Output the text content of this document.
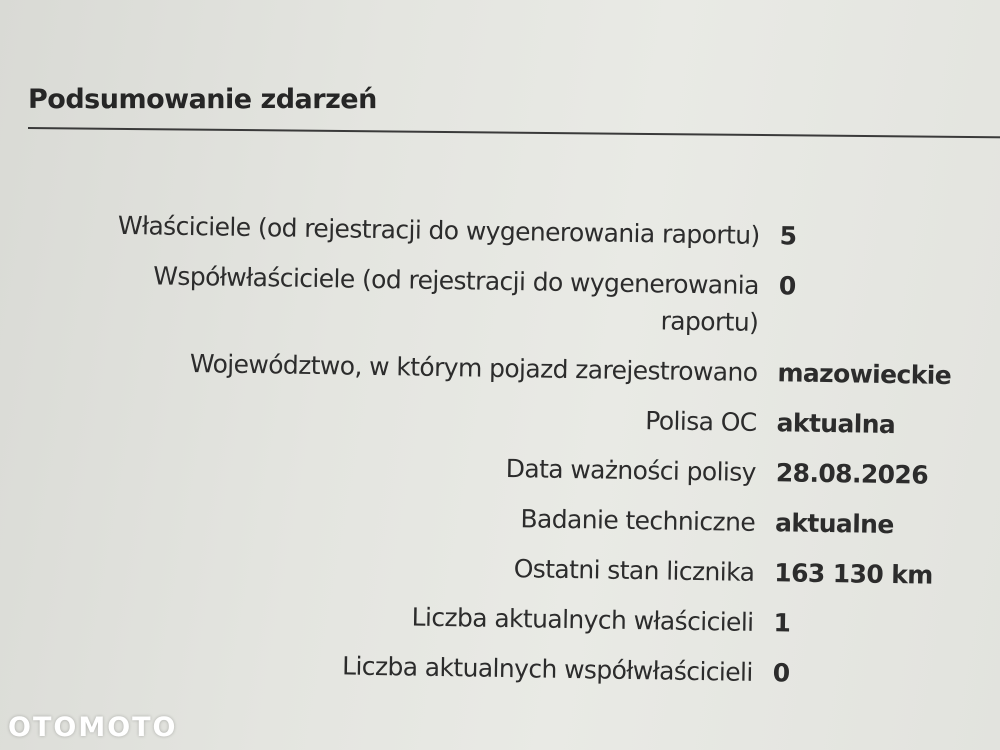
Podsumowanie zdarzeń
Właściciele (od rejestracji do wygenerowania raportu) 5
Współwłaściciele (od rejestracji do wygenerowania raportu)
0
Województwo, w którym pojazd zarejestrowano mazowieckie
Polisa OC aktualna
Data ważności polisy 28.08.2026
Badanie techniczne aktualne
Ostatni stan licznika 163 130 km
Liczba aktualnych właścicieli 1
Liczba aktualnych współwłaścicieli 0
OTOMOTO
